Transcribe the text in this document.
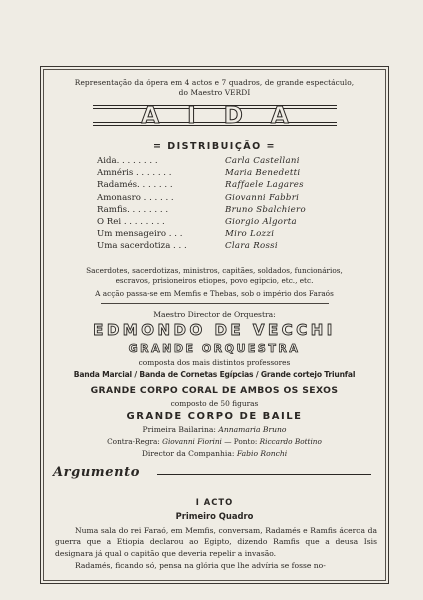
Representação da ópera em 4 actos e 7 quadros, de grande espectáculo,
do Maestro VERDI
AIDA
= DISTRIBUIÇÃO =
Aida. . . . . . . .	Carla Castellani
Amnéris . . . . . . .	Maria Benedetti
Radamés. . . . . . .	Raffaele Lagares
Amonasro . . . . . .	Giovanni Fabbri
Ramfis. . . . . . . .	Bruno Sbalchiero
O Rei . . . . . . . .	Giorgio Algorta
Um mensageiro . . .	Miro Lozzi
Uma sacerdotiza . . .	Clara Rossi
Sacerdotes, sacerdotizas, ministros, capitães, soldados, funcionários,
escravos, prisioneiros etiopes, povo egipcio, etc., etc.
A acção passa-se em Memfis e Thebas, sob o império dos Faraós
Maestro Director de Orquestra:
EDMONDO DE VECCHI
GRANDE ORQUESTRA
composta dos mais distintos professores
Banda Marcial / Banda de Cornetas Egípcias / Grande cortejo Triunfal
GRANDE CORPO CORAL DE AMBOS OS SEXOS
composto de 50 figuras
GRANDE CORPO DE BAILE
Primeira Bailarina: Annamaria Bruno
Contra-Regra: Giovanni Fiorini — Ponto: Riccardo Bottino
Director da Companhia: Fabio Ronchi
Argumento
I ACTO
Primeiro Quadro
Numa sala do rei Faraó, em Memfis, conversam, Radamés e Ramfis ácerca da guerra que a Etiopia declarou ao Egipto, dizendo Ramfis que a deusa Isis designara já qual o capitão que deveria repelir a invasão.
Radamés, ficando só, pensa na glória que lhe advíria se fosse no-
